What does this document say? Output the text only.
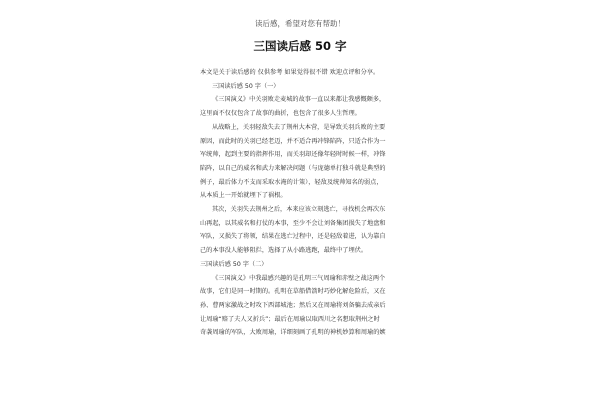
读后感，希望对您有帮助！
三国读后感 50 字
本文是关于读后感的 仅供参考 如果觉得很不错 欢迎点评和分享。
三国读后感 50 字（一）
《三国演义》中关羽败走麦城的故事一直以来都让我感慨颇多，
这里面不仅仅包含了故事的曲折，也包含了很多人生哲理。
从战略上，关羽轻敌失去了荆州大本营，是导致关羽兵败的主要
原因，而此时的关羽已经老迈，并不适合再冲锋陷阵，只适合作为一
军统帅，起到主要的指挥作用，而关羽却还像年轻时时候一样，冲锋
陷阵，以自己的威名和武力来解决问题（与庞德单打独斗就是典型的
例子，最后体力不支而采取水淹的计策），轻敌及统帅知名的弱点，
从本质上一开始就埋下了祸根。
其次，关羽失去荆州之后，本来应该立刻逃亡，寻找机会再次东
山再起，以其威名和打仗的本事，至少不会让刘备集团损失了地盘和
军队，又损失了将领，结果在逃亡过程中，还是轻敌着进，认为靠自
己的本事没人能够阻拦，选择了从小路逃跑，最终中了埋伏。
三国读后感 50 字（二）
《三国演义》中我最感兴趣的是孔明三气周瑜和赤壁之战这两个
故事，它们是同一时期的。孔明在草船借箭时巧妙化解危险后，又在
孙、曹两家激战之时攻下西部城池；然后又在周瑜将刘备骗去成亲后
让周瑜“赔了夫人又折兵”；最后在周瑜以取西川之名想取荆州之时
奇袭周瑜的军队，大败周瑜，详细刻画了孔明的神机妙算和周瑜的嫉
